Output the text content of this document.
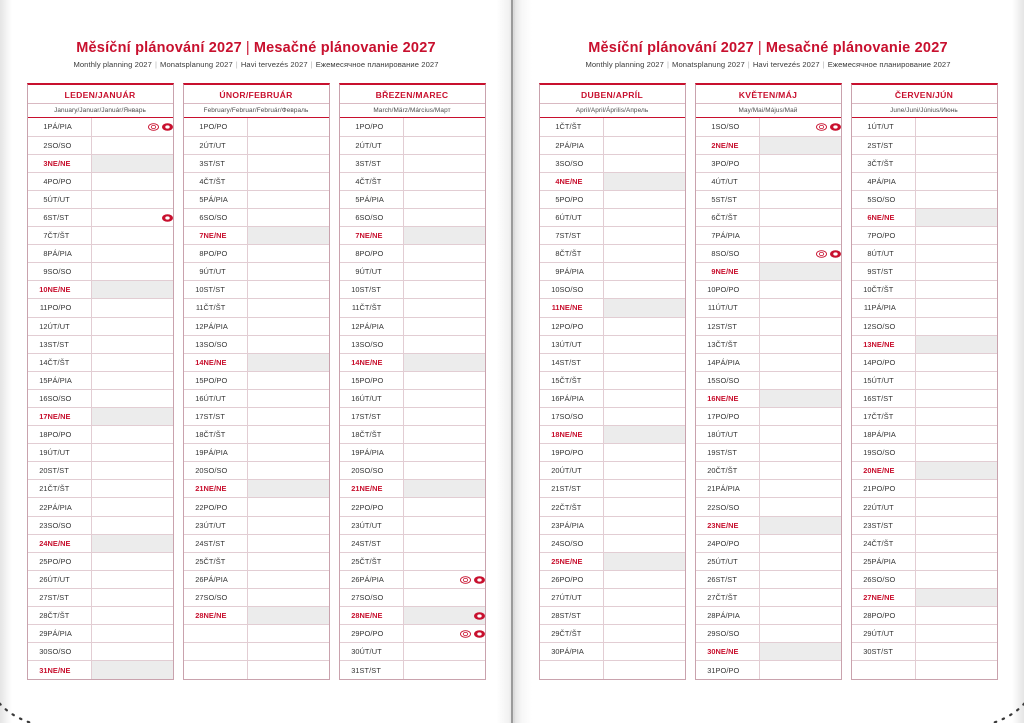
Měsíční plánování 2027 | Mesačné plánovanie 2027
Monthly planning 2027 | Monatsplanung 2027 | Havi tervezés 2027 | Ежемесячное планирование 2027
LEDEN/JANUÁR
January/Januar/Január/Январь
1	PÁ/PIA	

2	SO/SO	
3	NE/NE	
4	PO/PO	
5	ÚT/UT	
6	ST/ST	

7	ČT/ŠT	
8	PÁ/PIA	
9	SO/SO	
10	NE/NE	
11	PO/PO	
12	ÚT/UT	
13	ST/ST	
14	ČT/ŠT	
15	PÁ/PIA	
16	SO/SO	
17	NE/NE	
18	PO/PO	
19	ÚT/UT	
20	ST/ST	
21	ČT/ŠT	
22	PÁ/PIA	
23	SO/SO	
24	NE/NE	
25	PO/PO	
26	ÚT/UT	
27	ST/ST	
28	ČT/ŠT	
29	PÁ/PIA	
30	SO/SO	
31	NE/NE	
ÚNOR/FEBRUÁR
February/Februar/Február/Февраль
1	PO/PO	
2	ÚT/UT	
3	ST/ST	
4	ČT/ŠT	
5	PÁ/PIA	
6	SO/SO	
7	NE/NE	
8	PO/PO	
9	ÚT/UT	
10	ST/ST	
11	ČT/ŠT	
12	PÁ/PIA	
13	SO/SO	
14	NE/NE	
15	PO/PO	
16	ÚT/UT	
17	ST/ST	
18	ČT/ŠT	
19	PÁ/PIA	
20	SO/SO	
21	NE/NE	
22	PO/PO	
23	ÚT/UT	
24	ST/ST	
25	ČT/ŠT	
26	PÁ/PIA	
27	SO/SO	
28	NE/NE	

BŘEZEN/MAREC
March/März/Március/Март
1	PO/PO	
2	ÚT/UT	
3	ST/ST	
4	ČT/ŠT	
5	PÁ/PIA	
6	SO/SO	
7	NE/NE	
8	PO/PO	
9	ÚT/UT	
10	ST/ST	
11	ČT/ŠT	
12	PÁ/PIA	
13	SO/SO	
14	NE/NE	
15	PO/PO	
16	ÚT/UT	
17	ST/ST	
18	ČT/ŠT	
19	PÁ/PIA	
20	SO/SO	
21	NE/NE	
22	PO/PO	
23	ÚT/UT	
24	ST/ST	
25	ČT/ŠT	
26	PÁ/PIA	

27	SO/SO	
28	NE/NE	

29	PO/PO	

30	ÚT/UT	
31	ST/ST	
Měsíční plánování 2027 | Mesačné plánovanie 2027
Monthly planning 2027 | Monatsplanung 2027 | Havi tervezés 2027 | Ежемесячное планирование 2027
DUBEN/APRÍL
April/April/Április/Апрель
1	ČT/ŠT	
2	PÁ/PIA	
3	SO/SO	
4	NE/NE	
5	PO/PO	
6	ÚT/UT	
7	ST/ST	
8	ČT/ŠT	
9	PÁ/PIA	
10	SO/SO	
11	NE/NE	
12	PO/PO	
13	ÚT/UT	
14	ST/ST	
15	ČT/ŠT	
16	PÁ/PIA	
17	SO/SO	
18	NE/NE	
19	PO/PO	
20	ÚT/UT	
21	ST/ST	
22	ČT/ŠT	
23	PÁ/PIA	
24	SO/SO	
25	NE/NE	
26	PO/PO	
27	ÚT/UT	
28	ST/ST	
29	ČT/ŠT	
30	PÁ/PIA	

KVĚTEN/MÁJ
May/Mai/Május/Май
1	SO/SO	

2	NE/NE	
3	PO/PO	
4	ÚT/UT	
5	ST/ST	
6	ČT/ŠT	
7	PÁ/PIA	
8	SO/SO	

9	NE/NE	
10	PO/PO	
11	ÚT/UT	
12	ST/ST	
13	ČT/ŠT	
14	PÁ/PIA	
15	SO/SO	
16	NE/NE	
17	PO/PO	
18	ÚT/UT	
19	ST/ST	
20	ČT/ŠT	
21	PÁ/PIA	
22	SO/SO	
23	NE/NE	
24	PO/PO	
25	ÚT/UT	
26	ST/ST	
27	ČT/ŠT	
28	PÁ/PIA	
29	SO/SO	
30	NE/NE	
31	PO/PO	
ČERVEN/JÚN
June/Juni/Június/Июнь
1	ÚT/UT	
2	ST/ST	
3	ČT/ŠT	
4	PÁ/PIA	
5	SO/SO	
6	NE/NE	
7	PO/PO	
8	ÚT/UT	
9	ST/ST	
10	ČT/ŠT	
11	PÁ/PIA	
12	SO/SO	
13	NE/NE	
14	PO/PO	
15	ÚT/UT	
16	ST/ST	
17	ČT/ŠT	
18	PÁ/PIA	
19	SO/SO	
20	NE/NE	
21	PO/PO	
22	ÚT/UT	
23	ST/ST	
24	ČT/ŠT	
25	PÁ/PIA	
26	SO/SO	
27	NE/NE	
28	PO/PO	
29	ÚT/UT	
30	ST/ST	
